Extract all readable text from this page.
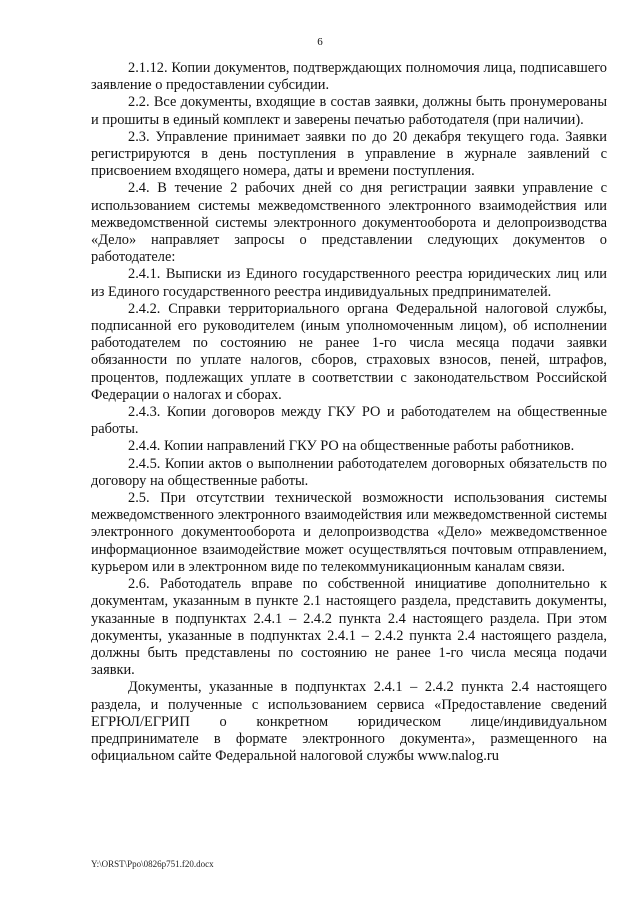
6

2.1.12. Копии документов, подтверждающих полномочия лица, подписавшего заявление о предоставлении субсидии.

2.2. Все документы, входящие в состав заявки, должны быть пронумерованы и прошиты в единый комплект и заверены печатью работодателя (при наличии).

2.3. Управление принимает заявки по до 20 декабря текущего года. Заявки регистрируются в день поступления в управление в журнале заявлений с присвоением входящего номера, даты и времени поступления.

2.4. В течение 2 рабочих дней со дня регистрации заявки управление с использованием системы межведомственного электронного взаимодействия или межведомственной системы электронного документооборота и делопроизводства «Дело» направляет запросы о представлении следующих документов о работодателе:

2.4.1. Выписки из Единого государственного реестра юридических лиц или из Единого государственного реестра индивидуальных предпринимателей.

2.4.2. Справки территориального органа Федеральной налоговой службы, подписанной его руководителем (иным уполномоченным лицом), об исполнении работодателем по состоянию не ранее 1-го числа месяца подачи заявки обязанности по уплате налогов, сборов, страховых взносов, пеней, штрафов, процентов, подлежащих уплате в соответствии с законодательством Российской Федерации о налогах и сборах.

2.4.3. Копии договоров между ГКУ РО и работодателем на общественные работы.

2.4.4. Копии направлений ГКУ РО на общественные работы работников.

2.4.5. Копии актов о выполнении работодателем договорных обязательств по договору на общественные работы.

2.5. При отсутствии технической возможности использования системы межведомственного электронного взаимодействия или межведомственной системы электронного документооборота и делопроизводства «Дело» межведомственное информационное взаимодействие может осуществляться почтовым отправлением, курьером или в электронном виде по телекоммуникационным каналам связи.

2.6. Работодатель вправе по собственной инициативе дополнительно к документам, указанным в пункте 2.1 настоящего раздела, представить документы, указанные в подпунктах 2.4.1 – 2.4.2 пункта 2.4 настоящего раздела. При этом документы, указанные в подпунктах 2.4.1 – 2.4.2 пункта 2.4 настоящего раздела, должны быть представлены по состоянию не ранее 1-го числа месяца подачи заявки.

Документы, указанные в подпунктах 2.4.1 – 2.4.2 пункта 2.4 настоящего раздела, и полученные с использованием сервиса «Предоставление сведений ЕГРЮЛ/ЕГРИП о конкретном юридическом лице/индивидуальном предпринимателе в формате электронного документа», размещенного на официальном сайте Федеральной налоговой службы www.nalog.ru

Y:\ORST\Ppo\0826p751.f20.docx
